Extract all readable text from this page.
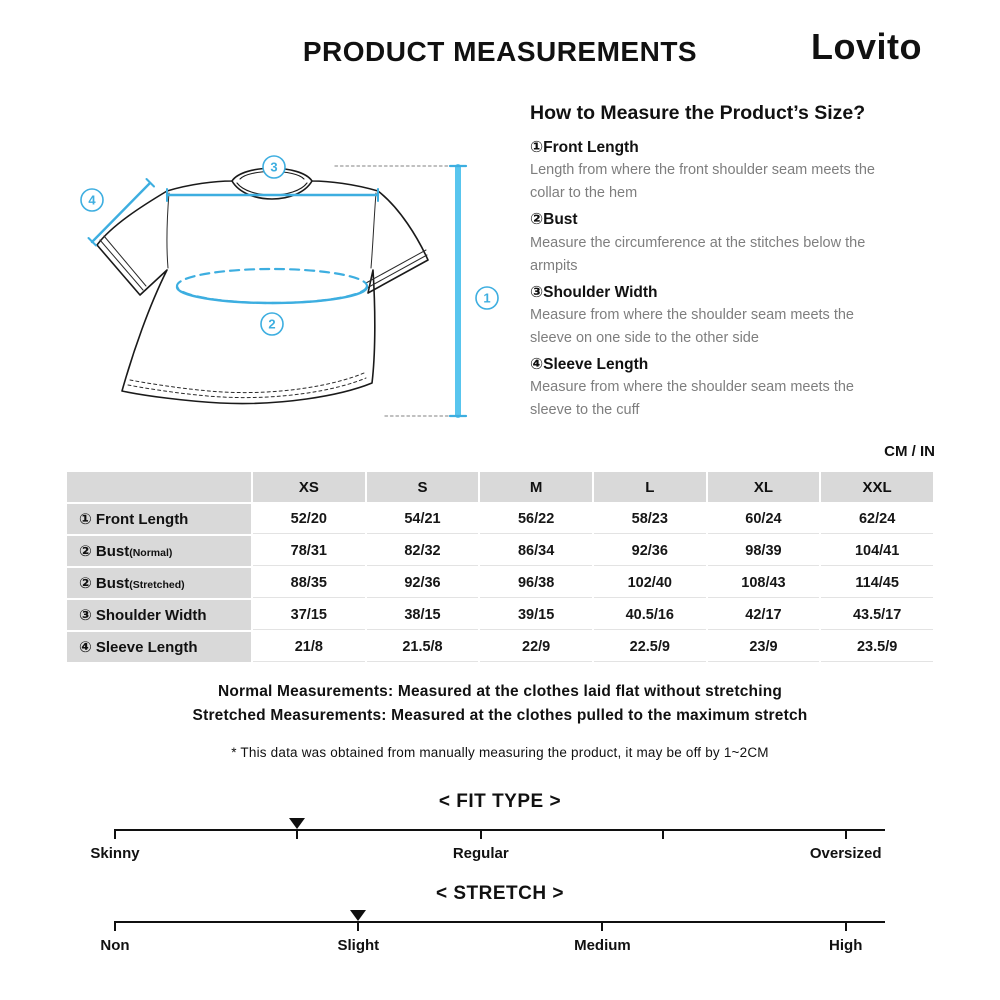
PRODUCT MEASUREMENTS	Lovito
3
4
2
1
How to Measure the Product’s Size?
①Front Length
Length from where the front shoulder seam meets the collar to the hem
②Bust
Measure the circumference at the stitches below the armpits
③Shoulder Width
Measure from where the shoulder seam meets the sleeve on one side to the other side
④Sleeve Length
Measure from where the shoulder seam meets the sleeve to the cuff
CM / IN
	XS	S	M	L	XL	XXL
① Front Length	52/20	54/21	56/22	58/23	60/24	62/24
② Bust(Normal)	78/31	82/32	86/34	92/36	98/39	104/41
② Bust(Stretched)	88/35	92/36	96/38	102/40	108/43	114/45
③ Shoulder Width	37/15	38/15	39/15	40.5/16	42/17	43.5/17
④ Sleeve Length	21/8	21.5/8	22/9	22.5/9	23/9	23.5/9
Normal Measurements: Measured at the clothes laid flat without stretching
Stretched Measurements: Measured at the clothes pulled to the maximum stretch
* This data was obtained from manually measuring the product, it may be off by 1~2CM
< FIT TYPE >
Skinny	Regular	Oversized
< STRETCH >
Non	Slight	Medium	High
